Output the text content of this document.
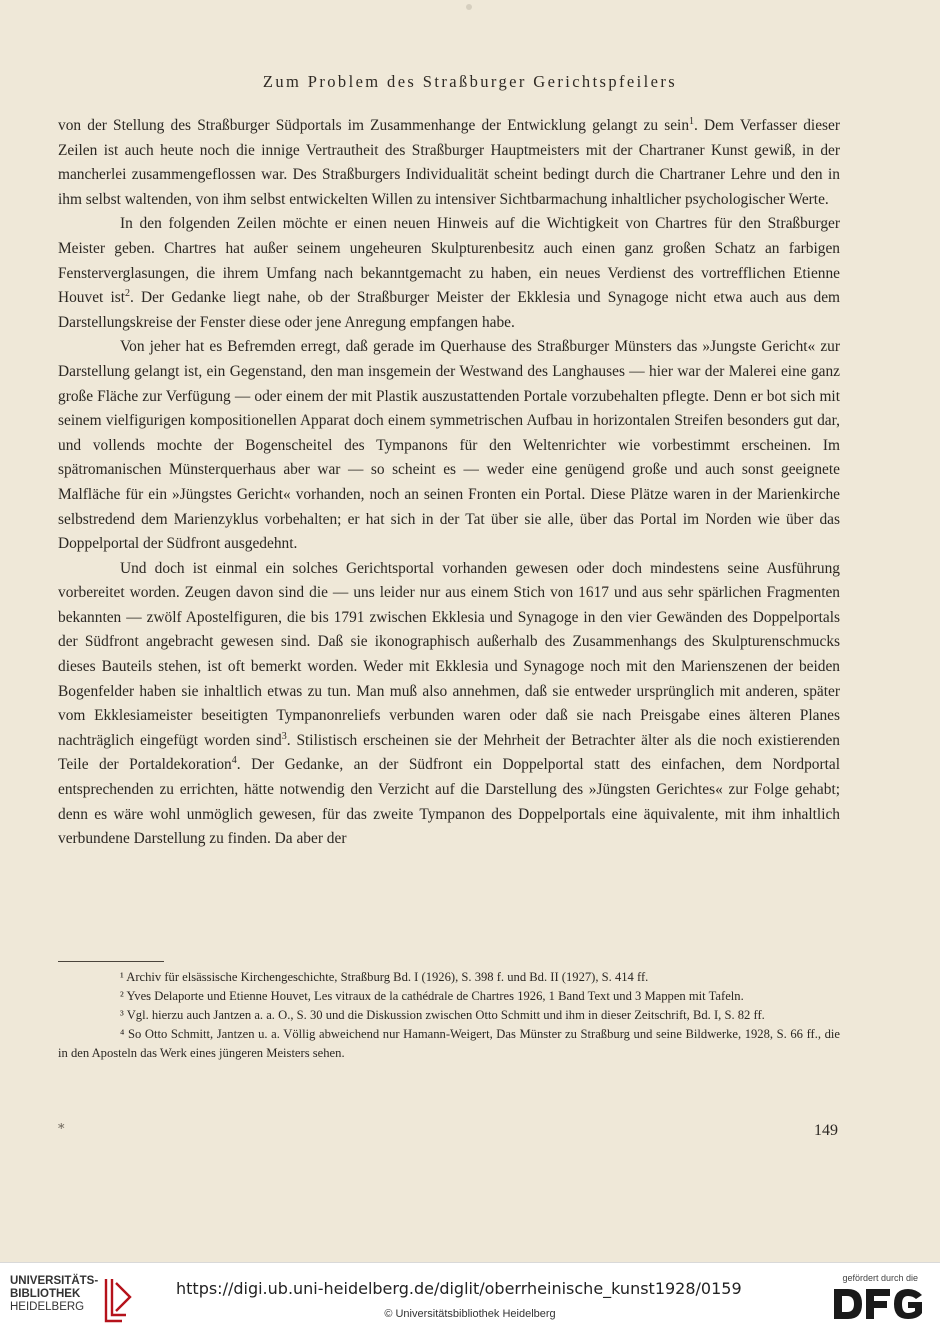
Zum Problem des Straßburger Gerichtspfeilers

von der Stellung des Straßburger Südportals im Zusammenhange der Entwicklung gelangt zu sein$^1$. Dem Verfasser dieser Zeilen ist auch heute noch die innige Vertrautheit des Straßburger Hauptmeisters mit der Chartraner Kunst gewiß, in der mancherlei zusammengeflossen war. Des Straßburgers Individualität scheint bedingt durch die Chartraner Lehre und den in ihm selbst waltenden, von ihm selbst entwickelten Willen zu intensiver Sichtbarmachung inhaltlicher psychologischer Werte.

In den folgenden Zeilen möchte er einen neuen Hinweis auf die Wichtigkeit von Chartres für den Straßburger Meister geben. Chartres hat außer seinem ungeheuren Skulpturenbesitz auch einen ganz großen Schatz an farbigen Fensterverglasungen, die ihrem Umfang nach bekanntgemacht zu haben, ein neues Verdienst des vortrefflichen Etienne Houvet ist$^2$. Der Gedanke liegt nahe, ob der Straßburger Meister der Ekklesia und Synagoge nicht etwa auch aus dem Darstellungskreise der Fenster diese oder jene Anregung empfangen habe.

Von jeher hat es Befremden erregt, daß gerade im Querhause des Straßburger Münsters das »Jungste Gericht« zur Darstellung gelangt ist, ein Gegenstand, den man insgemein der Westwand des Langhauses — hier war der Malerei eine ganz große Fläche zur Verfügung — oder einem der mit Plastik auszustattenden Portale vorzubehalten pflegte. Denn er bot sich mit seinem vielfigurigen kompositionellen Apparat doch einem symmetrischen Aufbau in horizontalen Streifen besonders gut dar, und vollends mochte der Bogenscheitel des Tympanons für den Weltenrichter wie vorbestimmt erscheinen. Im spätromanischen Münsterquerhaus aber war — so scheint es — weder eine genügend große und auch sonst geeignete Malfläche für ein »Jüngstes Gericht« vorhanden, noch an seinen Fronten ein Portal. Diese Plätze waren in der Marienkirche selbstredend dem Marienzyklus vorbehalten; er hat sich in der Tat über sie alle, über das Portal im Norden wie über das Doppelportal der Südfront ausgedehnt.

Und doch ist einmal ein solches Gerichtsportal vorhanden gewesen oder doch mindestens seine Ausführung vorbereitet worden. Zeugen davon sind die — uns leider nur aus einem Stich von 1617 und aus sehr spärlichen Fragmenten bekannten — zwölf Apostelfiguren, die bis 1791 zwischen Ekklesia und Synagoge in den vier Gewänden des Doppelportals der Südfront angebracht gewesen sind. Daß sie ikonographisch außerhalb des Zusammenhangs des Skulpturenschmucks dieses Bauteils stehen, ist oft bemerkt worden. Weder mit Ekklesia und Synagoge noch mit den Marienszenen der beiden Bogenfelder haben sie inhaltlich etwas zu tun. Man muß also annehmen, daß sie entweder ursprünglich mit anderen, später vom Ekklesiameister beseitigten Tympanonreliefs verbunden waren oder daß sie nach Preisgabe eines älteren Planes nachträglich eingefügt worden sind$^3$. Stilistisch erscheinen sie der Mehrheit der Betrachter älter als die noch existierenden Teile der Portaldekoration$^4$. Der Gedanke, an der Südfront ein Doppelportal statt des einfachen, dem Nordportal entsprechenden zu errichten, hätte notwendig den Verzicht auf die Darstellung des »Jüngsten Gerichtes« zur Folge gehabt; denn es wäre wohl unmöglich gewesen, für das zweite Tympanon des Doppelportals eine äquivalente, mit ihm inhaltlich verbundene Darstellung zu finden. Da aber der

¹ Archiv für elsässische Kirchengeschichte, Straßburg Bd. I (1926), S. 398 f. und Bd. II (1927), S. 414 ff.

² Yves Delaporte und Etienne Houvet, Les vitraux de la cathédrale de Chartres 1926, 1 Band Text und 3 Mappen mit Tafeln.

³ Vgl. hierzu auch Jantzen a. a. O., S. 30 und die Diskussion zwischen Otto Schmitt und ihm in dieser Zeitschrift, Bd. I, S. 82 ff.

⁴ So Otto Schmitt, Jantzen u. a. Völlig abweichend nur Hamann-Weigert, Das Münster zu Straßburg und seine Bildwerke, 1928, S. 66 ff., die in den Aposteln das Werk eines jüngeren Meisters sehen.

*	149
UNIVERSITÄTS-
BIBLIOTHEK
HEIDELBERG
https://digi.ub.uni-heidelberg.de/diglit/oberrheinische_kunst1928/0159
© Universitätsbibliothek Heidelberg
gefördert durch die
